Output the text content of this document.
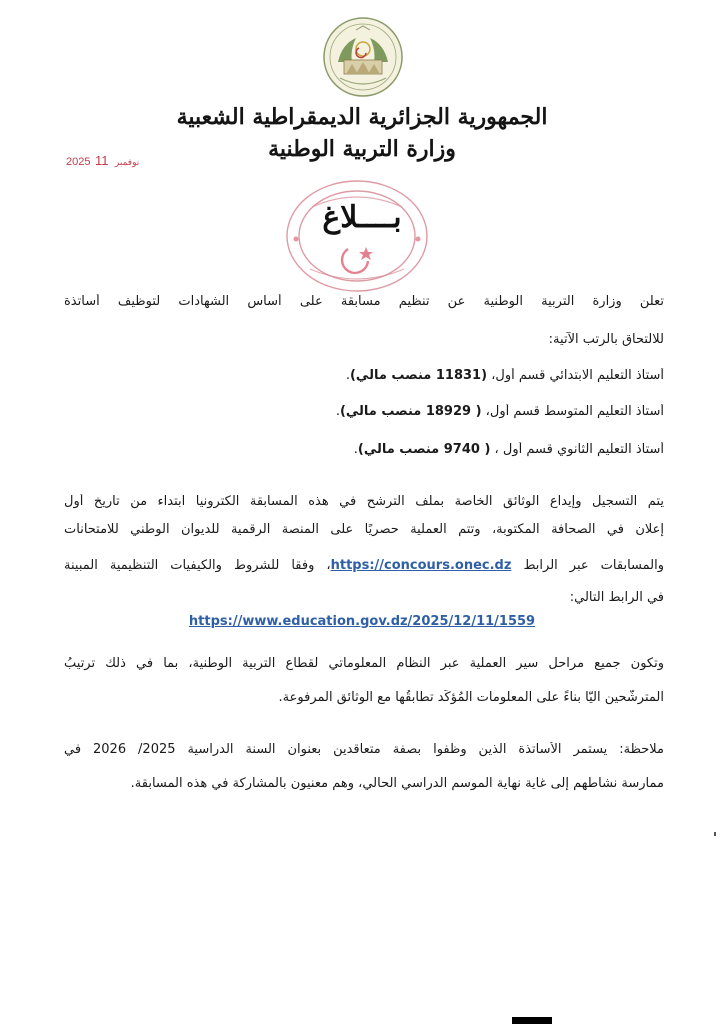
الجمهورية الجزائرية الديمقراطية الشعبية
وزارة التربية الوطنية
2025	نوفمبر 11
بــــلاغ
تعلن وزارة التربية الوطنية عن تنظيم مسابقة على أساس الشهادات لتوظيف أساتذة
للالتحاق بالرتب الآتية:
أستاذ التعليم الابتدائي قسم أول، (11831 منصب مالي).
أستاذ التعليم المتوسط قسم أول، ( 18929 منصب مالي).
أستاذ التعليم الثانوي قسم أول ، ( 9740 منصب مالي).
يتم التسجيل وإيداع الوثائق الخاصة بملف الترشح في هذه المسابقة الكترونيا ابتداء من تاريخ أول
إعلان في الصحافة المكتوبة، وتتم العملية حصريًا على المنصة الرقمية للديوان الوطني للامتحانات
والمسابقات عبر الرابط https://concours.onec.dz، وفقا للشروط والكيفيات التنظيمية المبينة
في الرابط التالي:
https://www.education.gov.dz/2025/12/11/1559
وتكون جميع مراحل سير العملية عبر النظام المعلوماتي لقطاع التربية الوطنية، بما في ذلك ترتيبُ
المترشّحين آليّا بناءً على المعلومات المُؤكّد تطابقُها مع الوثائق المرفوعة.
ملاحظة: يستمر الأساتذة الذين وظفوا بصفة متعاقدين بعنوان السنة الدراسية 2025/ 2026 في
ممارسة نشاطهم إلى غاية نهاية الموسم الدراسي الحالي، وهم معنيون بالمشاركة في هذه المسابقة.
